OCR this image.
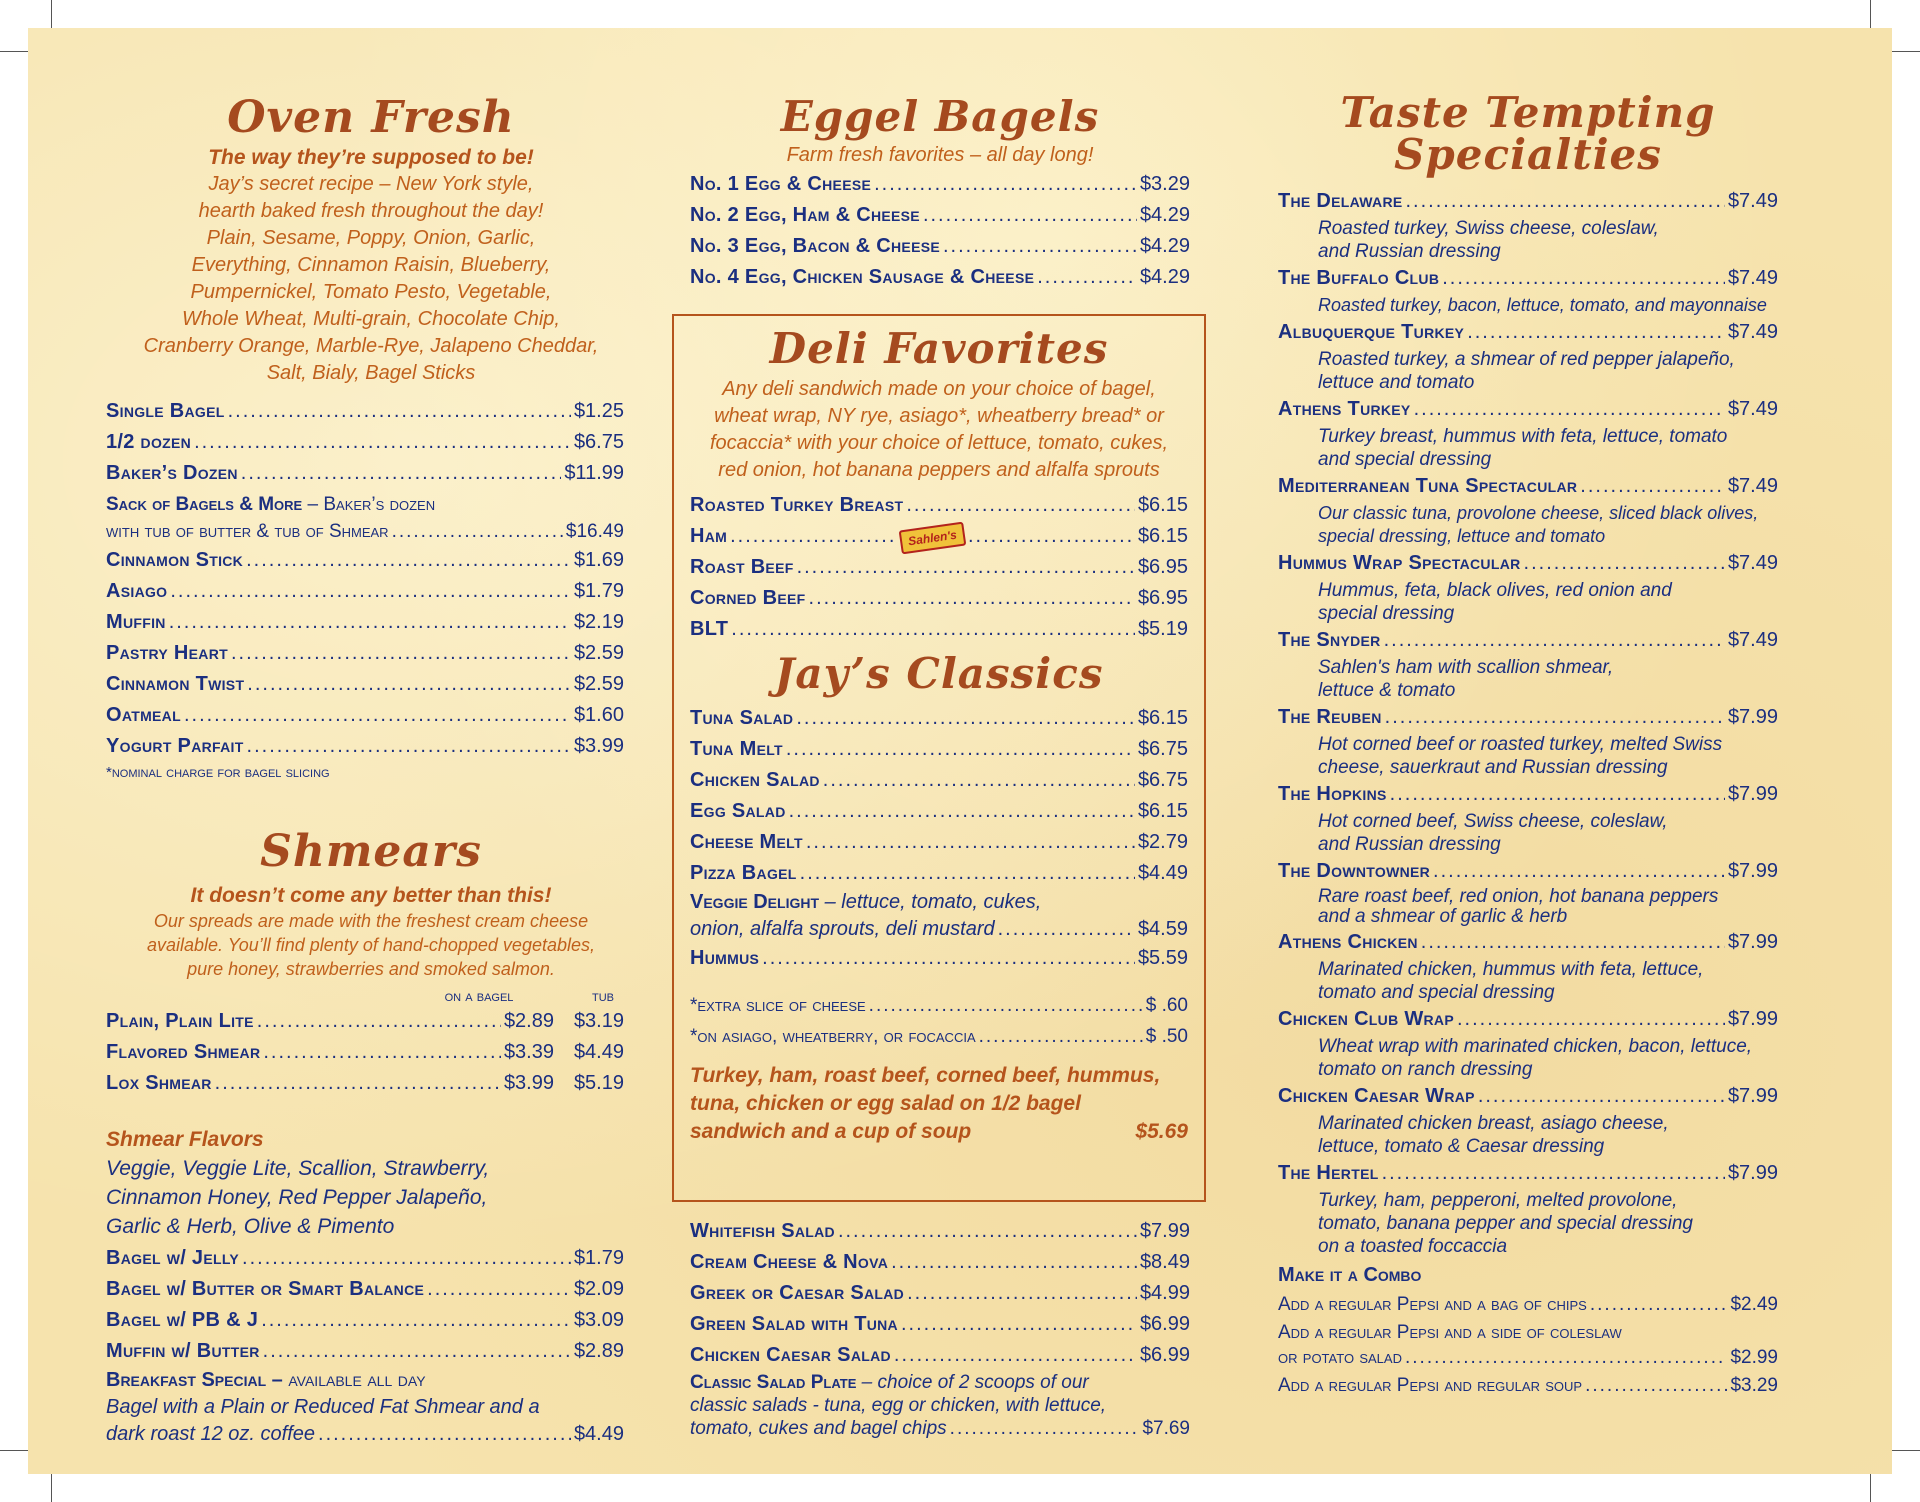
Oven Fresh
The way they’re supposed to be!
Jay’s secret recipe – New York style,
hearth baked fresh throughout the day!
Plain, Sesame, Poppy, Onion, Garlic,
Everything, Cinnamon Raisin, Blueberry,
Pumpernickel, Tomato Pesto, Vegetable,
Whole Wheat, Multi-grain, Chocolate Chip,
Cranberry Orange, Marble-Rye, Jalapeno Cheddar,
Salt, Bialy, Bagel Sticks
Single Bagel .....	$1.25
1/2 dozen .....	$6.75
Baker’s Dozen .....	$11.99
Sack of Bagels & More – Baker’s dozen
with tub of butter & tub of Shmear .....	$16.49
Cinnamon Stick .....	$1.69
Asiago .....	$1.79
Muffin .....	$2.19
Pastry Heart .....	$2.59
Cinnamon Twist .....	$2.59
Oatmeal .....	$1.60
Yogurt Parfait .....	$3.99
*nominal charge for bagel slicing
Shmears
It doesn’t come any better than this!
Our spreads are made with the freshest cream cheese
available. You’ll find plenty of hand-chopped vegetables,
pure honey, strawberries and smoked salmon.
on a bagel	tub
Plain, Plain Lite .....	$2.89 $3.19
Flavored Shmear .....	$3.39 $4.49
Lox Shmear .....	$3.99 $5.19
Shmear Flavors
Veggie, Veggie Lite, Scallion, Strawberry,
Cinnamon Honey, Red Pepper Jalapeño,
Garlic & Herb, Olive & Pimento
Bagel w/ Jelly .....	$1.79
Bagel w/ Butter or Smart Balance .....	$2.09
Bagel w/ PB & J .....	$3.09
Muffin w/ Butter .....	$2.89
Breakfast Special – available all day
Bagel with a Plain or Reduced Fat Shmear and a
dark roast 12 oz. coffee .....	$4.49
Eggel Bagels
Farm fresh favorites – all day long!
No. 1 Egg & Cheese .....	$3.29
No. 2 Egg, Ham & Cheese .....	$4.29
No. 3 Egg, Bacon & Cheese .....	$4.29
No. 4 Egg, Chicken Sausage & Cheese .....	$4.29
Deli Favorites
Any deli sandwich made on your choice of bagel,
wheat wrap, NY rye, asiago*, wheatberry bread* or
focaccia* with your choice of lettuce, tomato, cukes,
red onion, hot banana peppers and alfalfa sprouts
Roasted Turkey Breast .....	$6.15
Ham .....	Sahlen's .....	$6.15
Roast Beef .....	$6.95
Corned Beef .....	$6.95
BLT .....	$5.19
Jay’s Classics
Tuna Salad .....	$6.15
Tuna Melt .....	$6.75
Chicken Salad .....	$6.75
Egg Salad .....	$6.15
Cheese Melt .....	$2.79
Pizza Bagel .....	$4.49
Veggie Delight – lettuce, tomato, cukes,
onion, alfalfa sprouts, deli mustard .....	$4.59
Hummus .....	$5.59
*extra slice of cheese .....	$ .60
*on asiago, wheatberry, or focaccia .....	$ .50
Turkey, ham, roast beef, corned beef, hummus,
tuna, chicken or egg salad on 1/2 bagel
sandwich and a cup of soup	$5.69
Whitefish Salad .....	$7.99
Cream Cheese & Nova .....	$8.49
Greek or Caesar Salad .....	$4.99
Green Salad with Tuna .....	$6.99
Chicken Caesar Salad .....	$6.99
Classic Salad Plate – choice of 2 scoops of our
classic salads - tuna, egg or chicken, with lettuce,
tomato, cukes and bagel chips .....	$7.69
Taste Tempting
Specialties
The Delaware .....	$7.49
Roasted turkey, Swiss cheese, coleslaw,
and Russian dressing
The Buffalo Club .....	$7.49
Roasted turkey, bacon, lettuce, tomato, and mayonnaise
Albuquerque Turkey .....	$7.49
Roasted turkey, a shmear of red pepper jalapeño,
lettuce and tomato
Athens Turkey .....	$7.49
Turkey breast, hummus with feta, lettuce, tomato
and special dressing
Mediterranean Tuna Spectacular .....	$7.49
Our classic tuna, provolone cheese, sliced black olives,
special dressing, lettuce and tomato
Hummus Wrap Spectacular .....	$7.49
Hummus, feta, black olives, red onion and
special dressing
The Snyder .....	$7.49
Sahlen's ham with scallion shmear,
lettuce & tomato
The Reuben .....	$7.99
Hot corned beef or roasted turkey, melted Swiss
cheese, sauerkraut and Russian dressing
The Hopkins .....	$7.99
Hot corned beef, Swiss cheese, coleslaw,
and Russian dressing
The Downtowner .....	$7.99
Rare roast beef, red onion, hot banana peppers
and a shmear of garlic & herb
Athens Chicken .....	$7.99
Marinated chicken, hummus with feta, lettuce,
tomato and special dressing
Chicken Club Wrap .....	$7.99
Wheat wrap with marinated chicken, bacon, lettuce,
tomato on ranch dressing
Chicken Caesar Wrap .....	$7.99
Marinated chicken breast, asiago cheese,
lettuce, tomato & Caesar dressing
The Hertel .....	$7.99
Turkey, ham, pepperoni, melted provolone,
tomato, banana pepper and special dressing
on a toasted foccaccia
Make it a Combo
Add a regular Pepsi and a bag of chips .....	$2.49
Add a regular Pepsi and a side of coleslaw
or potato salad .....	$2.99
Add a regular Pepsi and regular soup .....	$3.29
